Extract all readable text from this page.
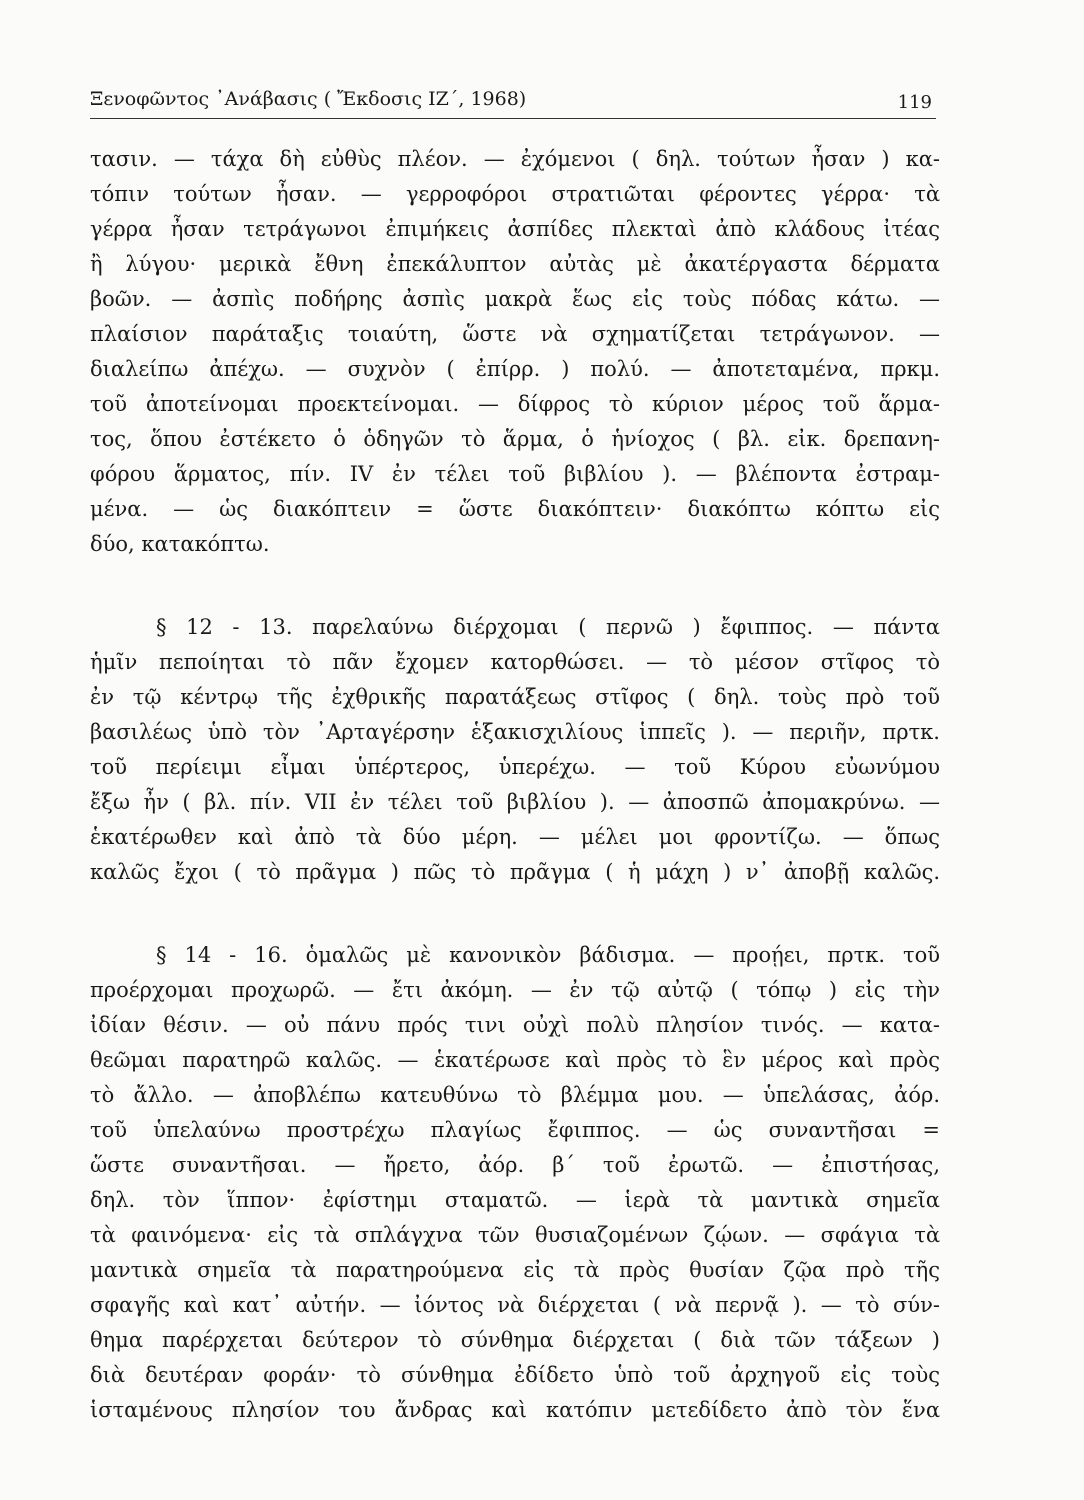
Ξενοφῶντος ᾿Ανάβασις ( Ἔκδοσις ΙΖ΄, 1968)	119
τασιν. — τάχα δὴ εὐθὺς πλέον. — ἐχόμενοι ( δηλ. τούτων ἦσαν ) κα-
τόπιν τούτων ἦσαν. — γερροφόροι στρατιῶται φέροντες γέρρα· τὰ
γέρρα ἦσαν τετράγωνοι ἐπιμήκεις ἀσπίδες πλεκταὶ ἀπὸ κλάδους ἰτέας
ἢ λύγου· μερικὰ ἔθνη ἐπεκάλυπτον αὐτὰς μὲ ἀκατέργαστα δέρματα
βοῶν. — ἀσπὶς ποδήρης ἀσπὶς μακρὰ ἕως εἰς τοὺς πόδας κάτω. —
πλαίσιον παράταξις τοιαύτη, ὥστε νὰ σχηματίζεται τετράγωνον. —
διαλείπω ἀπέχω. — συχνὸν ( ἐπίρρ. ) πολύ. — ἀποτεταμένα, πρκμ.
τοῦ ἀποτείνομαι προεκτείνομαι. — δίφρος τὸ κύριον μέρος τοῦ ἅρμα-
τος, ὅπου ἐστέκετο ὁ ὁδηγῶν τὸ ἅρμα, ὁ ἡνίοχος ( βλ. εἰκ. δρεπανη-
φόρου ἅρματος, πίν. IV ἐν τέλει τοῦ βιβλίου ). — βλέποντα ἐστραμ-
μένα. — ὡς διακόπτειν = ὥστε διακόπτειν· διακόπτω κόπτω εἰς
δύο, κατακόπτω.
§ 12 - 13. παρελαύνω διέρχομαι ( περνῶ ) ἔφιππος. — πάντα
ἡμῖν πεποίηται τὸ πᾶν ἔχομεν κατορθώσει. — τὸ μέσον στῖφος τὸ
ἐν τῷ κέντρῳ τῆς ἐχθρικῆς παρατάξεως στῖφος ( δηλ. τοὺς πρὸ τοῦ
βασιλέως ὑπὸ τὸν ᾿Αρταγέρσην ἑξακισχιλίους ἱππεῖς ). — περιῆν, πρτκ.
τοῦ περίειμι εἶμαι ὑπέρτερος, ὑπερέχω. — τοῦ Κύρου εὐωνύμου
ἔξω ἦν ( βλ. πίν. VII ἐν τέλει τοῦ βιβλίου ). — ἀποσπῶ ἀπομακρύνω. —
ἑκατέρωθεν καὶ ἀπὸ τὰ δύο μέρη. — μέλει μοι φροντίζω. — ὅπως
καλῶς ἔχοι ( τὸ πρᾶγμα ) πῶς τὸ πρᾶγμα ( ἡ μάχη ) ν᾿ ἀποβῇ καλῶς.
§ 14 - 16. ὁμαλῶς μὲ κανονικὸν βάδισμα. — προῄει, πρτκ. τοῦ
προέρχομαι προχωρῶ. — ἔτι ἀκόμη. — ἐν τῷ αὐτῷ ( τόπῳ ) εἰς τὴν
ἰδίαν θέσιν. — οὐ πάνυ πρός τινι οὐχὶ πολὺ πλησίον τινός. — κατα-
θεῶμαι παρατηρῶ καλῶς. — ἑκατέρωσε καὶ πρὸς τὸ ἓν μέρος καὶ πρὸς
τὸ ἄλλο. — ἀποβλέπω κατευθύνω τὸ βλέμμα μου. — ὑπελάσας, ἀόρ.
τοῦ ὑπελαύνω προστρέχω πλαγίως ἔφιππος. — ὡς συναντῆσαι =
ὥστε συναντῆσαι. — ἤρετο, ἀόρ. β΄ τοῦ ἐρωτῶ. — ἐπιστήσας,
δηλ. τὸν ἵππον· ἐφίστημι σταματῶ. — ἱερὰ τὰ μαντικὰ σημεῖα
τὰ φαινόμενα· εἰς τὰ σπλάγχνα τῶν θυσιαζομένων ζῴων. — σφάγια τὰ
μαντικὰ σημεῖα τὰ παρατηρούμενα εἰς τὰ πρὸς θυσίαν ζῷα πρὸ τῆς
σφαγῆς καὶ κατ᾿ αὐτήν. — ἰόντος νὰ διέρχεται ( νὰ περνᾷ ). — τὸ σύν-
θημα παρέρχεται δεύτερον τὸ σύνθημα διέρχεται ( διὰ τῶν τάξεων )
διὰ δευτέραν φοράν· τὸ σύνθημα ἐδίδετο ὑπὸ τοῦ ἀρχηγοῦ εἰς τοὺς
ἱσταμένους πλησίον του ἄνδρας καὶ κατόπιν μετεδίδετο ἀπὸ τὸν ἕνα
